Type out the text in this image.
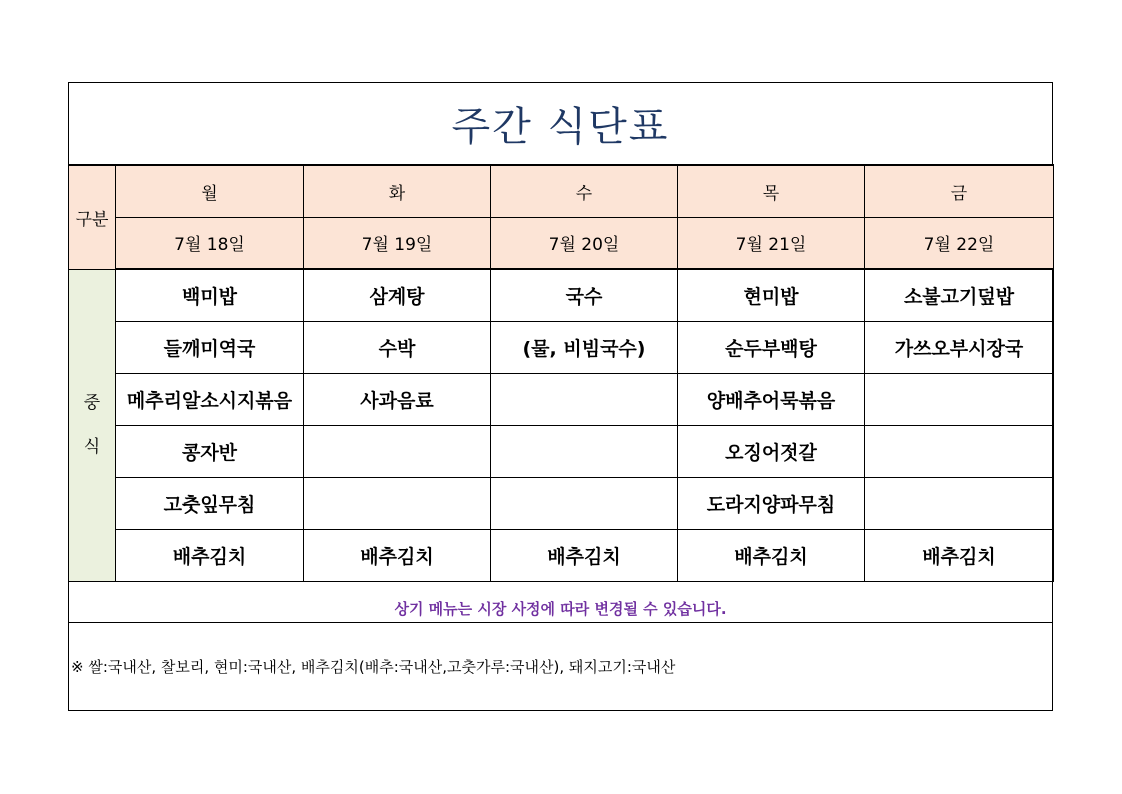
주간 식단표
구분	월	화	수	목	금
	7월 18일	7월 19일	7월 20일	7월 21일	7월 22일
중
식	백미밥	삼계탕	국수	현미밥	소불고기덮밥
	들깨미역국	수박	(물, 비빔국수)	순두부백탕	가쓰오부시장국
	메추리알소시지볶음	사과음료		양배추어묵볶음	
	콩자반			오징어젓갈	
	고춧잎무침			도라지양파무침	
	배추김치	배추김치	배추김치	배추김치	배추김치
상기 메뉴는 시장 사정에 따라 변경될 수 있습니다.
※ 쌀:국내산, 찰보리, 현미:국내산, 배추김치(배추:국내산,고춧가루:국내산), 돼지고기:국내산
